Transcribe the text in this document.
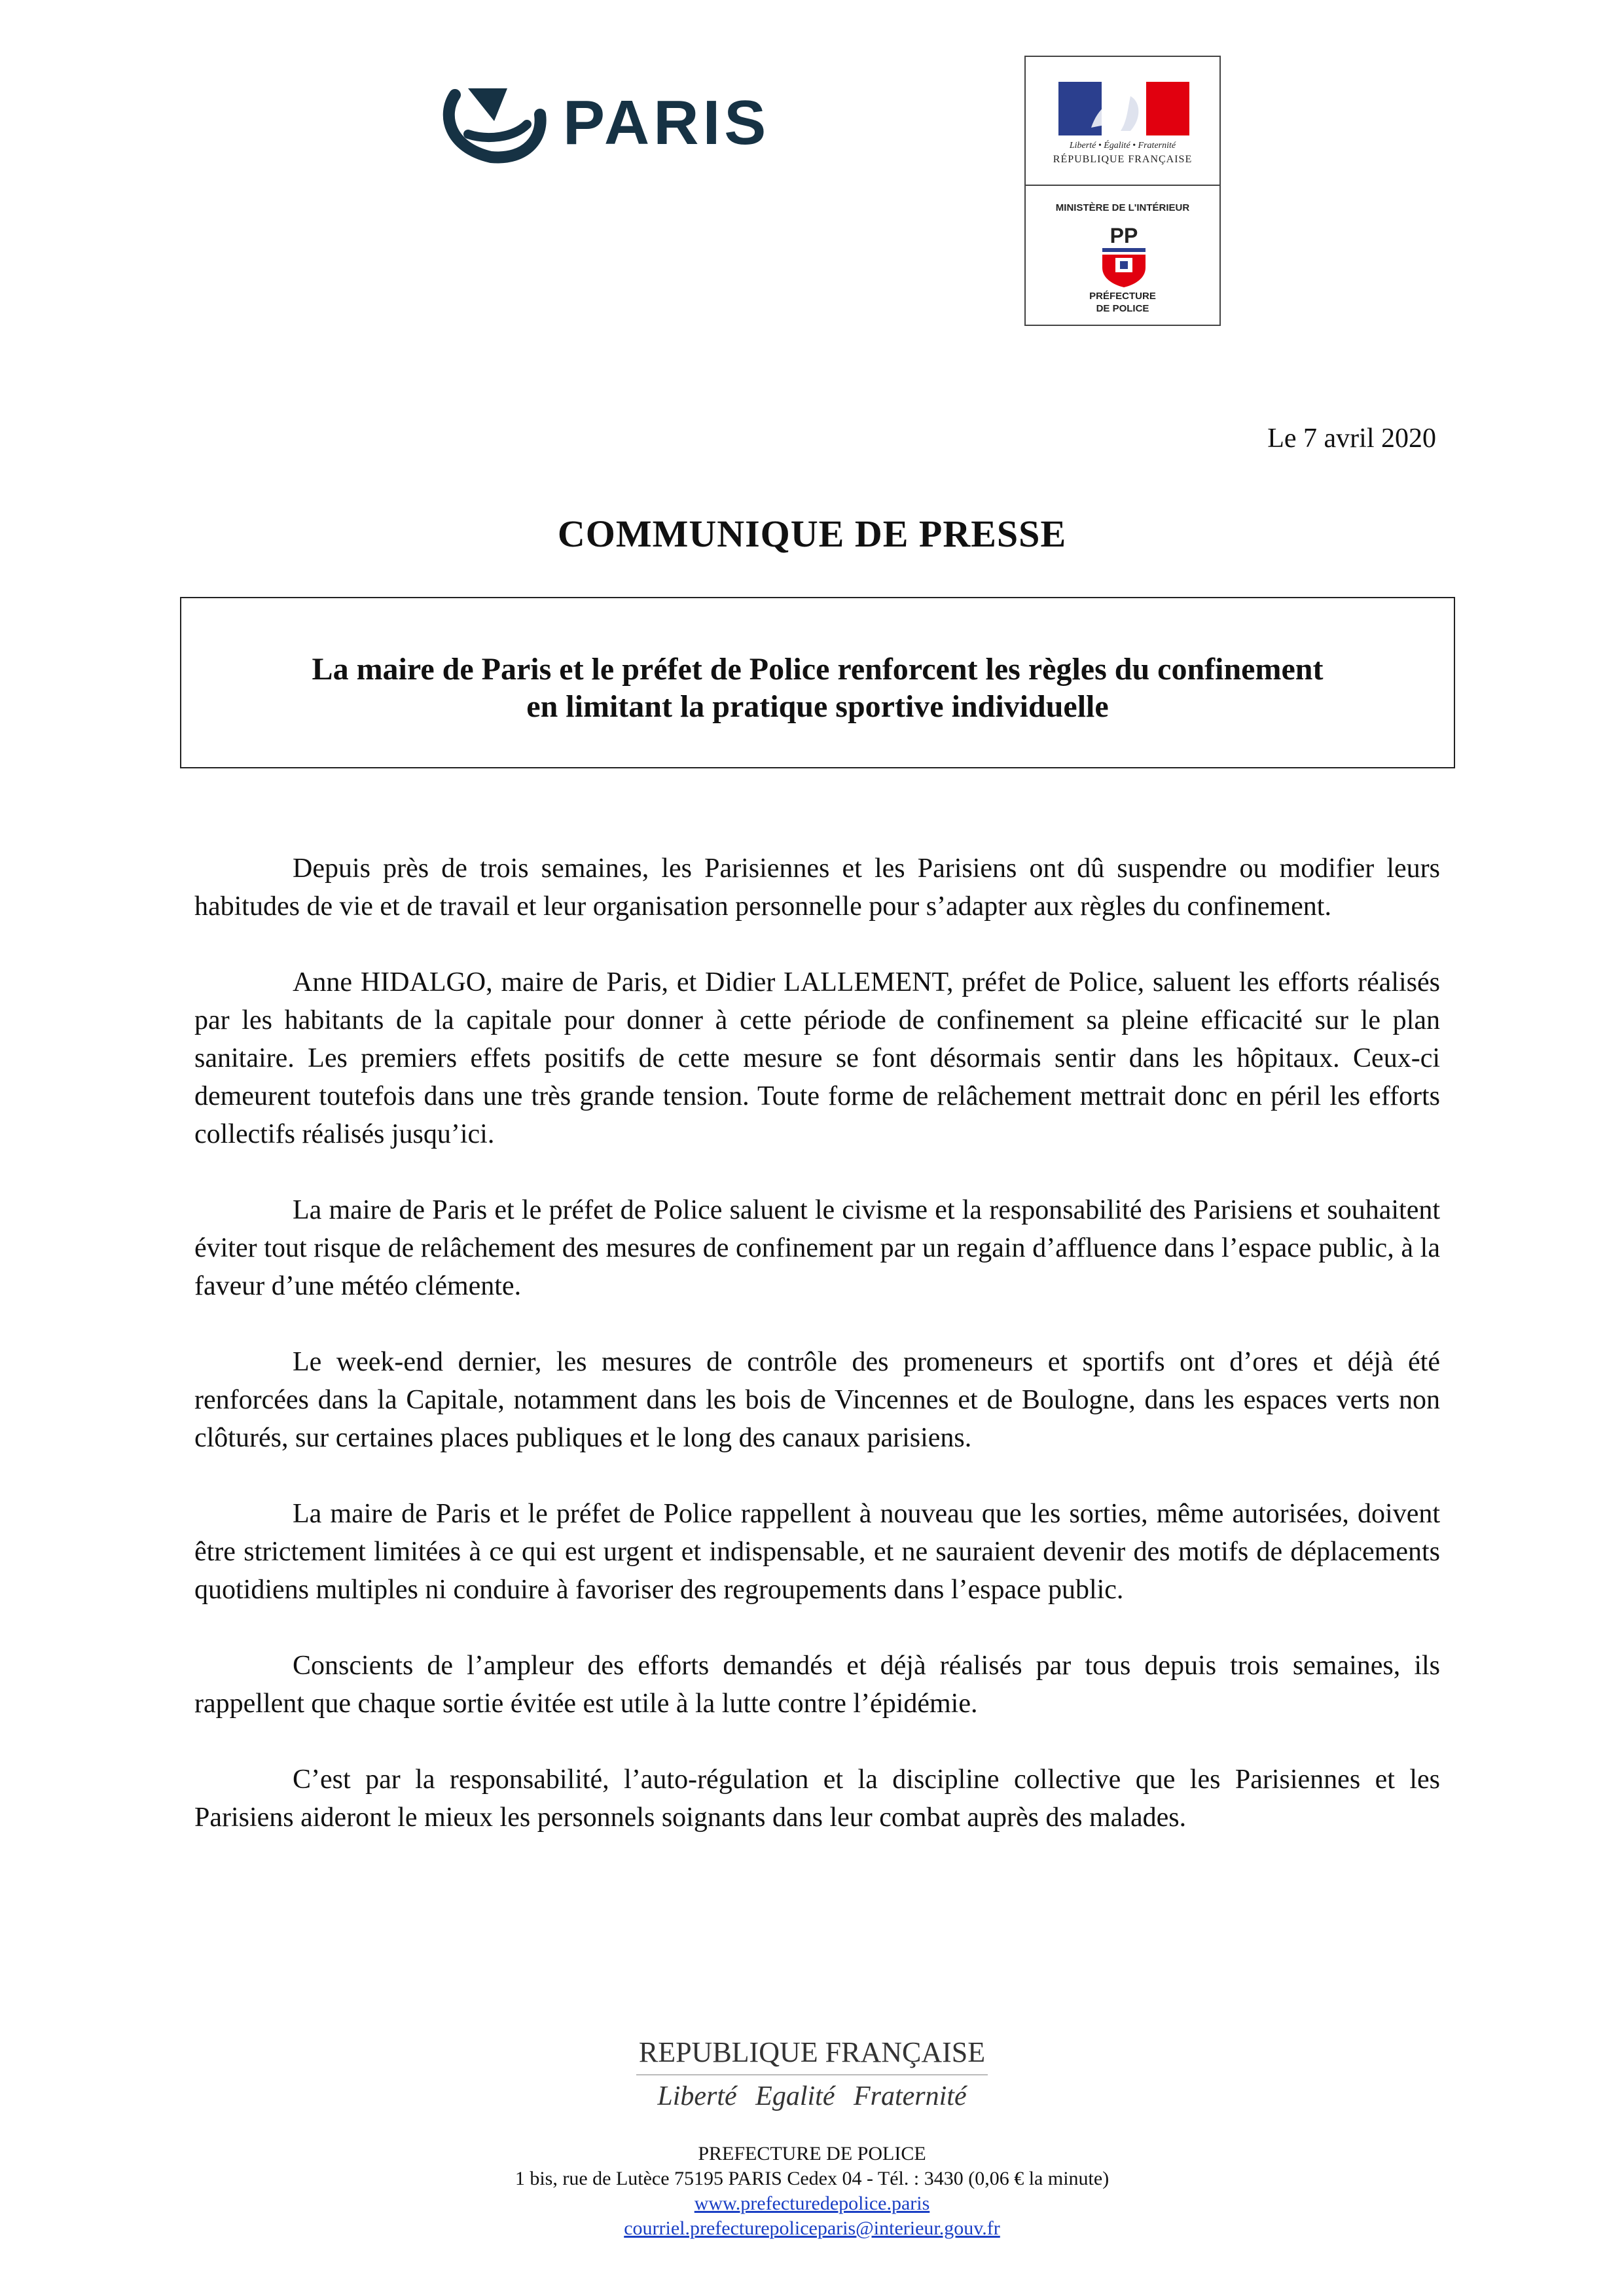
PARIS	Liberté • Égalité • Fraternité
RÉPUBLIQUE FRANÇAISE
MINISTÈRE DE L'INTÉRIEUR
PP
PRÉFECTURE
DE POLICE
Le 7 avril 2020
COMMUNIQUE DE PRESSE
La maire de Paris et le préfet de Police renforcent les règles du confinement
en limitant la pratique sportive individuelle

Depuis près de trois semaines, les Parisiennes et les Parisiens ont dû suspendre ou modifier leurs habitudes de vie et de travail et leur organisation personnelle pour s’adapter aux règles du confinement.

Anne HIDALGO, maire de Paris, et Didier LALLEMENT, préfet de Police, saluent les efforts réalisés par les habitants de la capitale pour donner à cette période de confinement sa pleine efficacité sur le plan sanitaire. Les premiers effets positifs de cette mesure se font désormais sentir dans les hôpitaux. Ceux-ci demeurent toutefois dans une très grande tension. Toute forme de relâchement mettrait donc en péril les efforts collectifs réalisés jusqu’ici.

La maire de Paris et le préfet de Police saluent le civisme et la responsabilité des Parisiens et souhaitent éviter tout risque de relâchement des mesures de confinement par un regain d’affluence dans l’espace public, à la faveur d’une météo clémente.

Le week-end dernier, les mesures de contrôle des promeneurs et sportifs ont d’ores et déjà été renforcées dans la Capitale, notamment dans les bois de Vincennes et de Boulogne, dans les espaces verts non clôturés, sur certaines places publiques et le long des canaux parisiens.

La maire de Paris et le préfet de Police rappellent à nouveau que les sorties, même autorisées, doivent être strictement limitées à ce qui est urgent et indispensable, et ne sauraient devenir des motifs de déplacements quotidiens multiples ni conduire à favoriser des regroupements dans l’espace public.

Conscients de l’ampleur des efforts demandés et déjà réalisés par tous depuis trois semaines, ils rappellent que chaque sortie évitée est utile à la lutte contre l’épidémie.

C’est par la responsabilité, l’auto-régulation et la discipline collective que les Parisiennes et les Parisiens aideront le mieux les personnels soignants dans leur combat auprès des malades.

REPUBLIQUE FRANÇAISE
Liberté Egalité Fraternité
PREFECTURE DE POLICE
1 bis, rue de Lutèce 75195 PARIS Cedex 04 - Tél. : 3430 (0,06 € la minute)
www.prefecturedepolice.paris
courriel.prefecturepoliceparis@interieur.gouv.fr
